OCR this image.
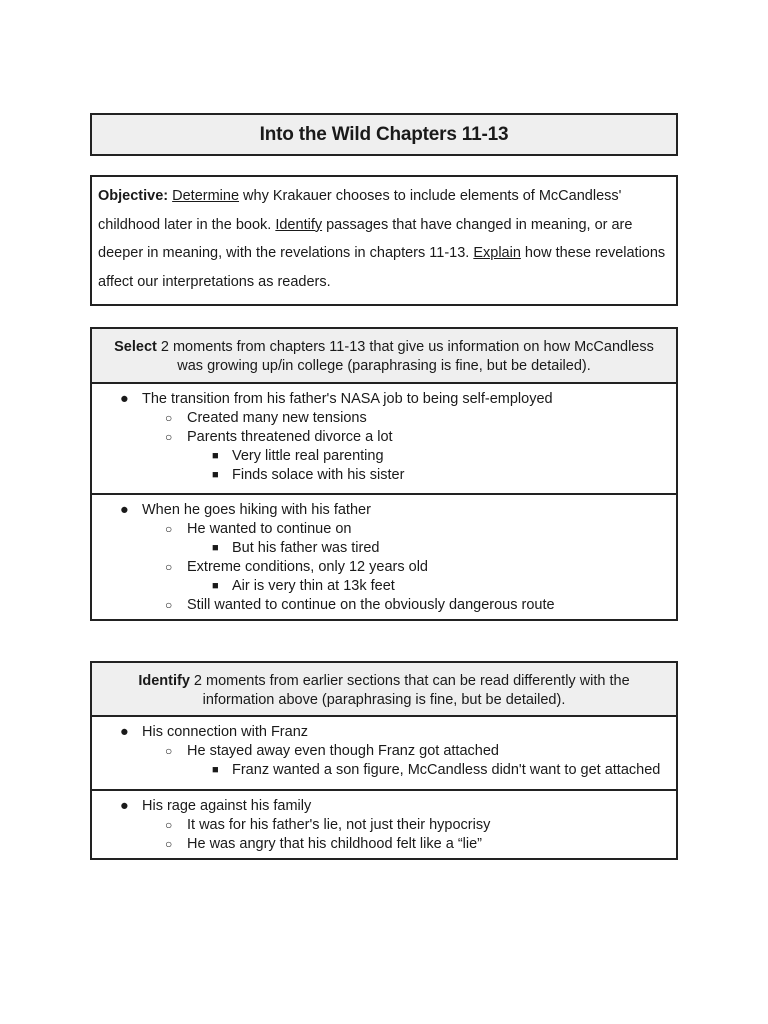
Into the Wild Chapters 11-13
Objective: Determine why Krakauer chooses to include elements of McCandless' childhood later in the book. Identify passages that have changed in meaning, or are deeper in meaning, with the revelations in chapters 11-13. Explain how these revelations affect our interpretations as readers.
Select 2 moments from chapters 11-13 that give us information on how McCandless was growing up/in college (paraphrasing is fine, but be detailed).
● The transition from his father's NASA job to being self-employed
○ Created many new tensions
○ Parents threatened divorce a lot
■ Very little real parenting
■ Finds solace with his sister
● When he goes hiking with his father
○ He wanted to continue on
■ But his father was tired
○ Extreme conditions, only 12 years old
■ Air is very thin at 13k feet
○ Still wanted to continue on the obviously dangerous route
Identify 2 moments from earlier sections that can be read differently with the information above (paraphrasing is fine, but be detailed).
● His connection with Franz
○ He stayed away even though Franz got attached
■ Franz wanted a son figure, McCandless didn't want to get attached
● His rage against his family
○ It was for his father's lie, not just their hypocrisy
○ He was angry that his childhood felt like a “lie”
